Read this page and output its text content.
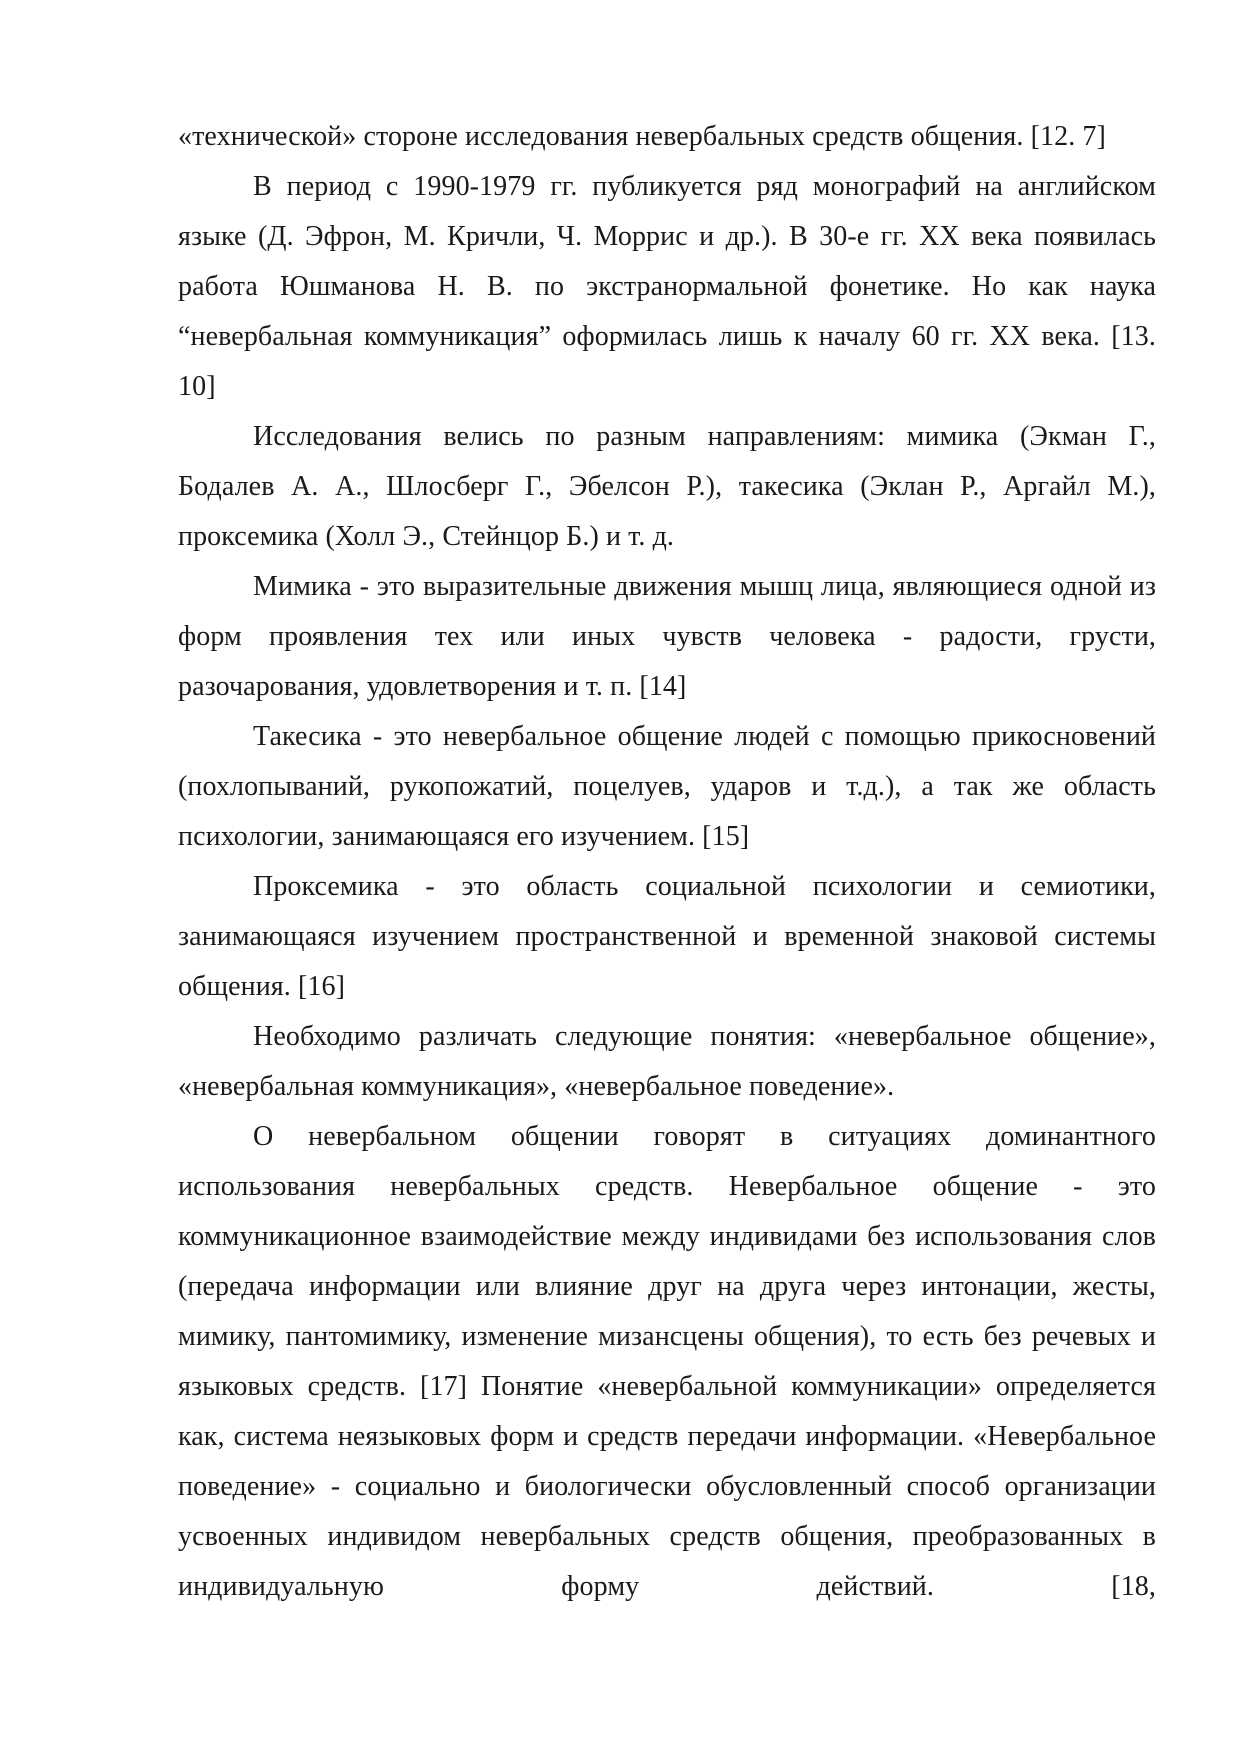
«технической» стороне исследования невербальных средств общения. [12. 7]

В период с 1990-1979 гг. публикуется ряд монографий на английском языке (Д. Эфрон, М. Кричли, Ч. Моррис и др.). В 30-е гг. XX века появилась работа Юшманова Н. В. по экстранормальной фонетике. Но как наука “невербальная коммуникация” оформилась лишь к началу 60 гг. XX века. [13. 10]

Исследования велись по разным направлениям: мимика (Экман Г., Бодалев А. А., Шлосберг Г., Эбелсон Р.), такесика (Эклан Р., Аргайл М.), проксемика (Холл Э., Стейнцор Б.) и т. д.

Мимика - это выразительные движения мышц лица, являющиеся одной из форм проявления тех или иных чувств человека - радости, грусти, разочарования, удовлетворения и т. п. [14]

Такесика - это невербальное общение людей с помощью прикосновений (похлопываний, рукопожатий, поцелуев, ударов и т.д.), а так же область психологии, занимающаяся его изучением. [15]

Проксемика - это область социальной психологии и семиотики, занимающаяся изучением пространственной и временной знаковой системы общения. [16]

Необходимо различать следующие понятия: «невербальное общение», «невербальная коммуникация», «невербальное поведение».

О невербальном общении говорят в ситуациях доминантного использования невербальных средств. Невербальное общение - это коммуникационное взаимодействие между индивидами без использования слов (передача информации или влияние друг на друга через интонации, жесты, мимику, пантомимику, изменение мизансцены общения), то есть без речевых и языковых средств. [17] Понятие «невербальной коммуникации» определяется как, система неязыковых форм и средств передачи информации. «Невербальное поведение» - социально и биологически обусловленный способ организации усвоенных индивидом невербальных средств общения, преобразованных в индивидуальную форму действий. [18,
